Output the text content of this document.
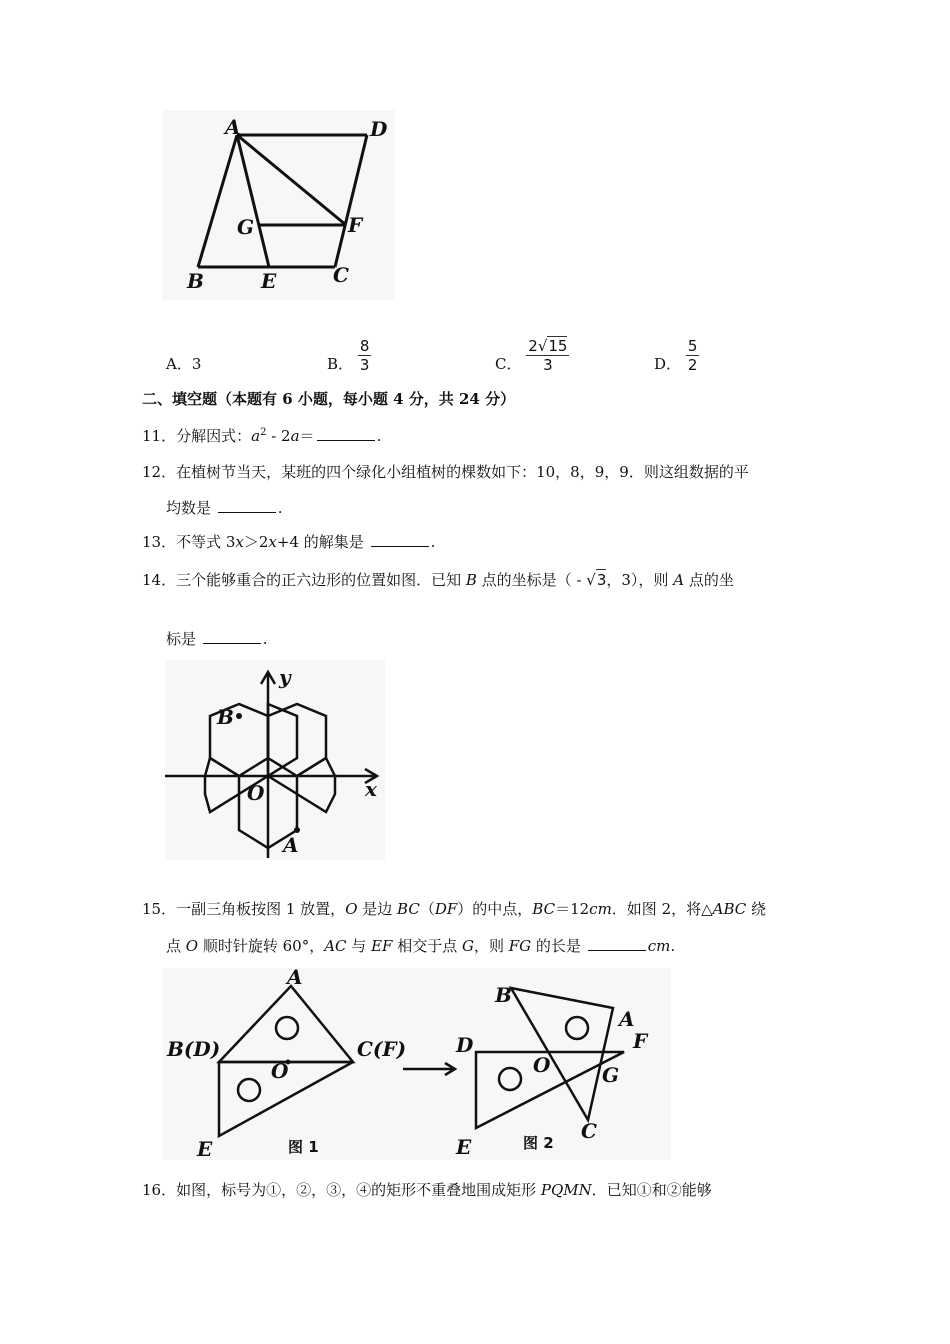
A	D
G	F
B	E	C
A．3	B． $\frac{8}{3}$	C． $\frac{2√15}{3}$	D． $\frac{5}{2}$
二、填空题（本题有 6 小题，每小题 4 分，共 24 分）
11．分解因式：$a^2 - 2a=$	.
12．在植树节当天，某班的四个绿化小组植树的棵数如下：10，8，9，9．则这组数据的平
均数是	.
13．不等式 3x＞2x+4 的解集是	.
14．三个能够重合的正六边形的位置如图．已知 B 点的坐标是（ - √3，3），则 A 点的坐
标是	.
y
B
O	x
A
15．一副三角板按图 1 放置，O 是边 BC（DF）的中点，BC＝12cm．如图 2，将△ABC 绕
点 O 顺时针旋转 60°，AC 与 EF 相交于点 G，则 FG 的长是	cm.
A
B(D)
O
C(F)
E	图 1
B
A
D
O
F
G
E
C
图 2
16．如图，标号为①，②，③，④的矩形不重叠地围成矩形 PQMN．已知①和②能够
